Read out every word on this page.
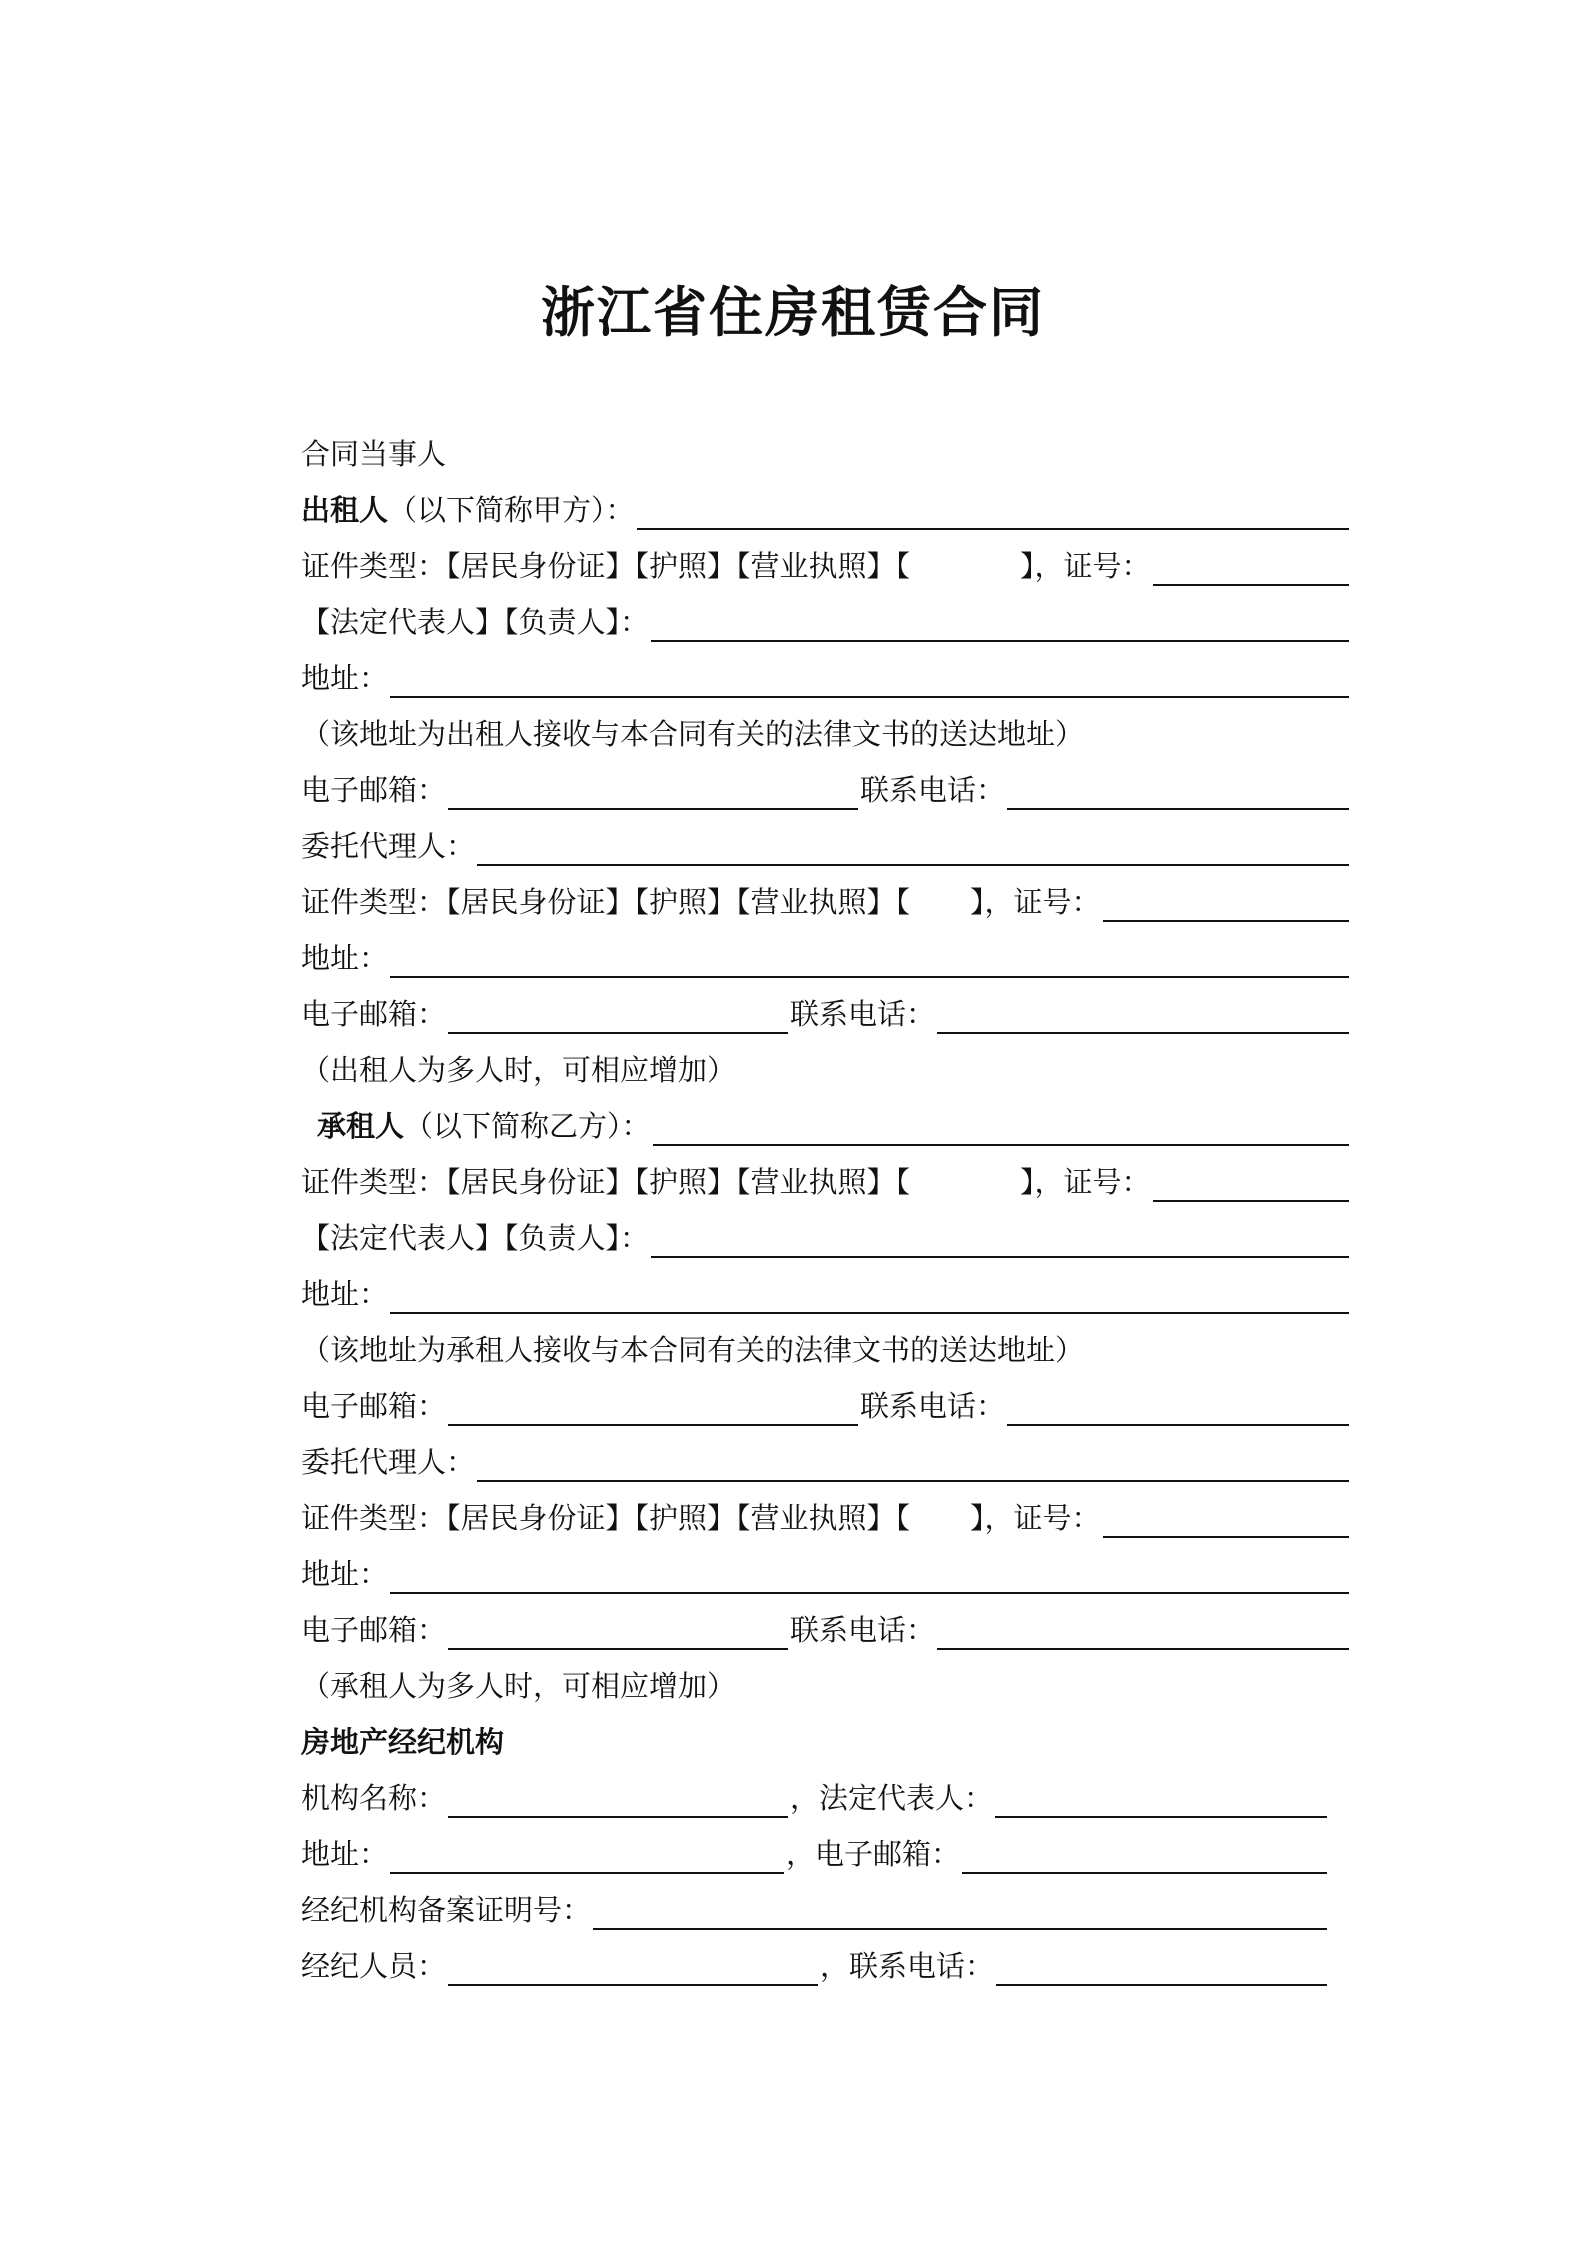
浙江省住房租赁合同
合同当事人
出租人 （以下简称甲方）：
证件类型：【居民身份证】【护照】【营业执照】【	】，证号：
【法定代表人】【负责人】：
地址：
（该地址为出租人接收与本合同有关的法律文书的送达地址）
电子邮箱：	联系电话：
委托代理人：
证件类型：【居民身份证】【护照】【营业执照】【 】，证号：
地址：
电子邮箱：	联系电话：
（出租人为多人时，可相应增加）
承租人 （以下简称乙方）：
证件类型：【居民身份证】【护照】【营业执照】【	】，证号：
【法定代表人】【负责人】：
地址：
（该地址为承租人接收与本合同有关的法律文书的送达地址）
电子邮箱：	联系电话：
委托代理人：
证件类型：【居民身份证】【护照】【营业执照】【 】，证号：
地址：
电子邮箱：	联系电话：
（承租人为多人时，可相应增加）
房地产经纪机构
机构名称：	，法定代表人：
地址：	，电子邮箱：
经纪机构备案证明号：
经纪人员：	，联系电话：
